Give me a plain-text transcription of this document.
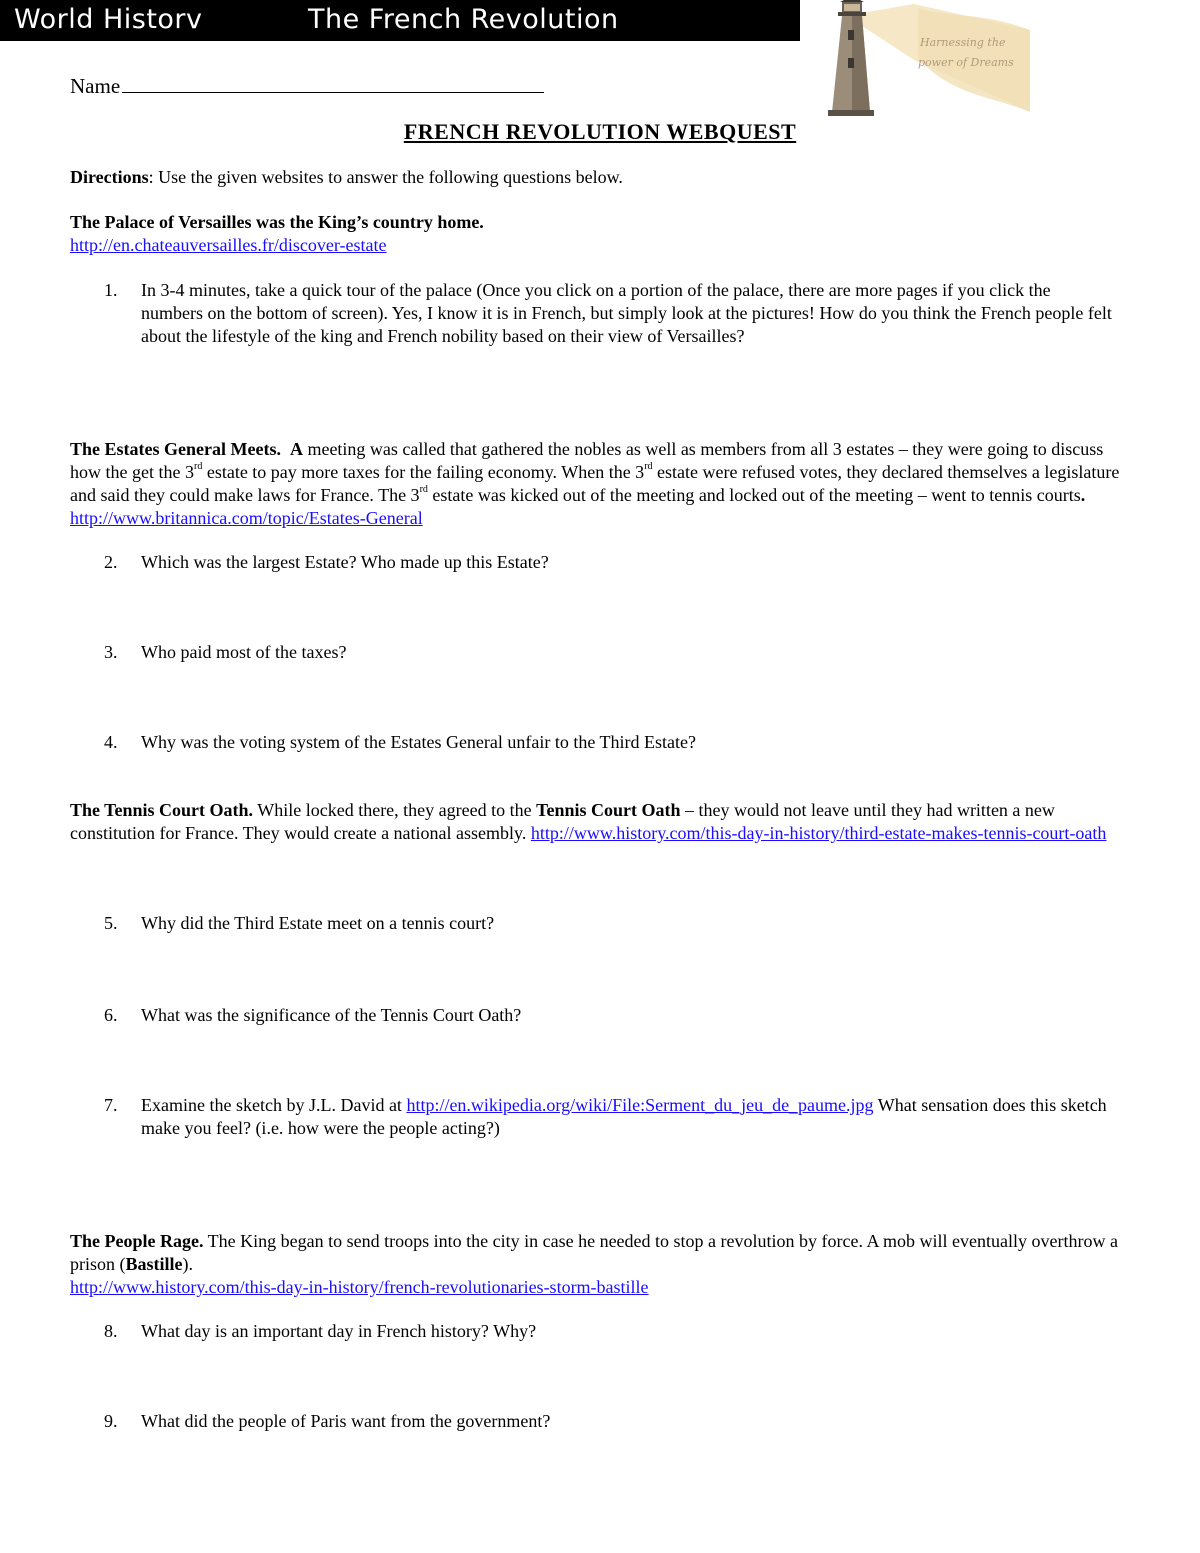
World Historv	The French Revolution
Harnessing the
power of Dreams
Name
FRENCH REVOLUTION WEBQUEST
Directions: Use the given websites to answer the following questions below.
The Palace of Versailles was the King’s country home.
http://en.chateauversailles.fr/discover-estate
1.	In 3-4 minutes, take a quick tour of the palace (Once you click on a portion of the palace, there are more pages if you click the numbers on the bottom of screen). Yes, I know it is in French, but simply look at the pictures! How do you think the French people felt about the lifestyle of the king and French nobility based on their view of Versailles?
The Estates General Meets. A meeting was called that gathered the nobles as well as members from all 3 estates – they were going to discuss how the get the 3rd estate to pay more taxes for the failing economy. When the 3rd estate were refused votes, they declared themselves a legislature and said they could make laws for France. The 3rd estate was kicked out of the meeting and locked out of the meeting – went to tennis courts. http://www.britannica.com/topic/Estates-General
2.	Which was the largest Estate? Who made up this Estate?
3.	Who paid most of the taxes?
4.	Why was the voting system of the Estates General unfair to the Third Estate?
The Tennis Court Oath. While locked there, they agreed to the Tennis Court Oath – they would not leave until they had written a new constitution for France. They would create a national assembly. http://www.history.com/this-day-in-history/third-estate-makes-tennis-court-oath
5.	Why did the Third Estate meet on a tennis court?
6.	What was the significance of the Tennis Court Oath?
7.	Examine the sketch by J.L. David at http://en.wikipedia.org/wiki/File:Serment_du_jeu_de_paume.jpg What sensation does this sketch make you feel? (i.e. how were the people acting?)
The People Rage. The King began to send troops into the city in case he needed to stop a revolution by force. A mob will eventually overthrow a prison (Bastille).
http://www.history.com/this-day-in-history/french-revolutionaries-storm-bastille
8.	What day is an important day in French history? Why?
9.	What did the people of Paris want from the government?
